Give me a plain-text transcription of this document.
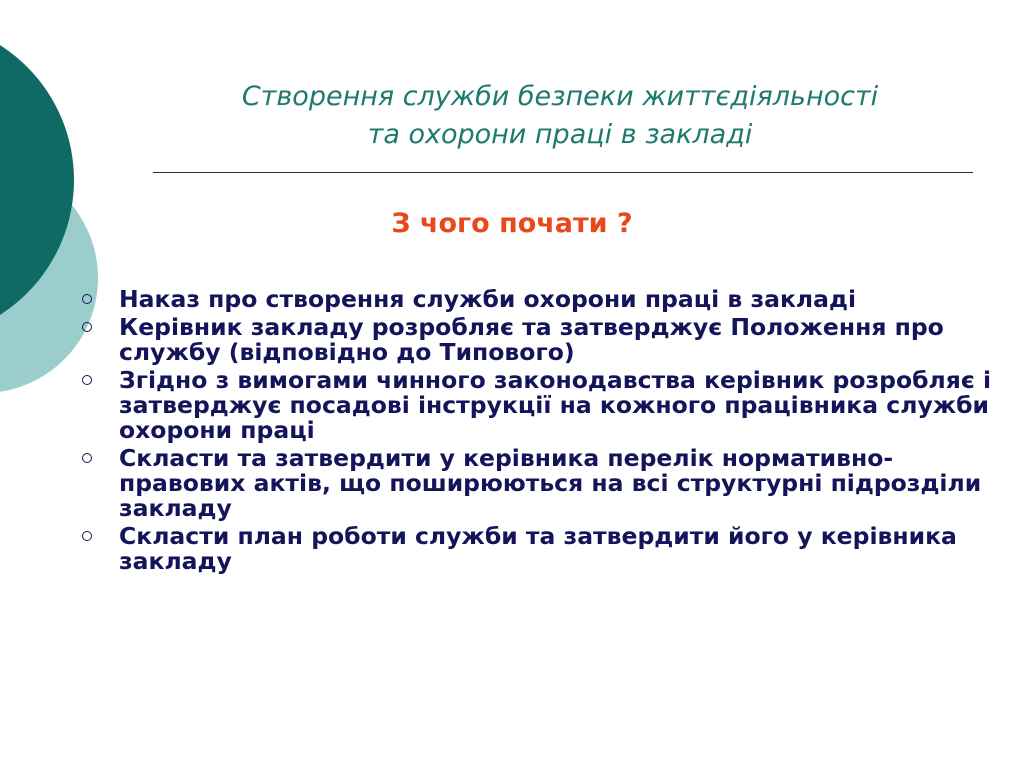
Створення служби безпеки життєдіяльності
та охорони праці в закладі
З чого почати ?
Наказ про створення служби охорони праці в закладі
Керівник закладу розробляє та затверджує Положення про службу (відповідно до Типового)
Згідно з вимогами чинного законодавства керівник розробляє і затверджує посадові інструкції на кожного працівника служби охорони праці
Скласти та затвердити у керівника перелік нормативно-правових актів, що поширюються на всі структурні підрозділи закладу
Скласти план роботи служби та затвердити його у керівника закладу
